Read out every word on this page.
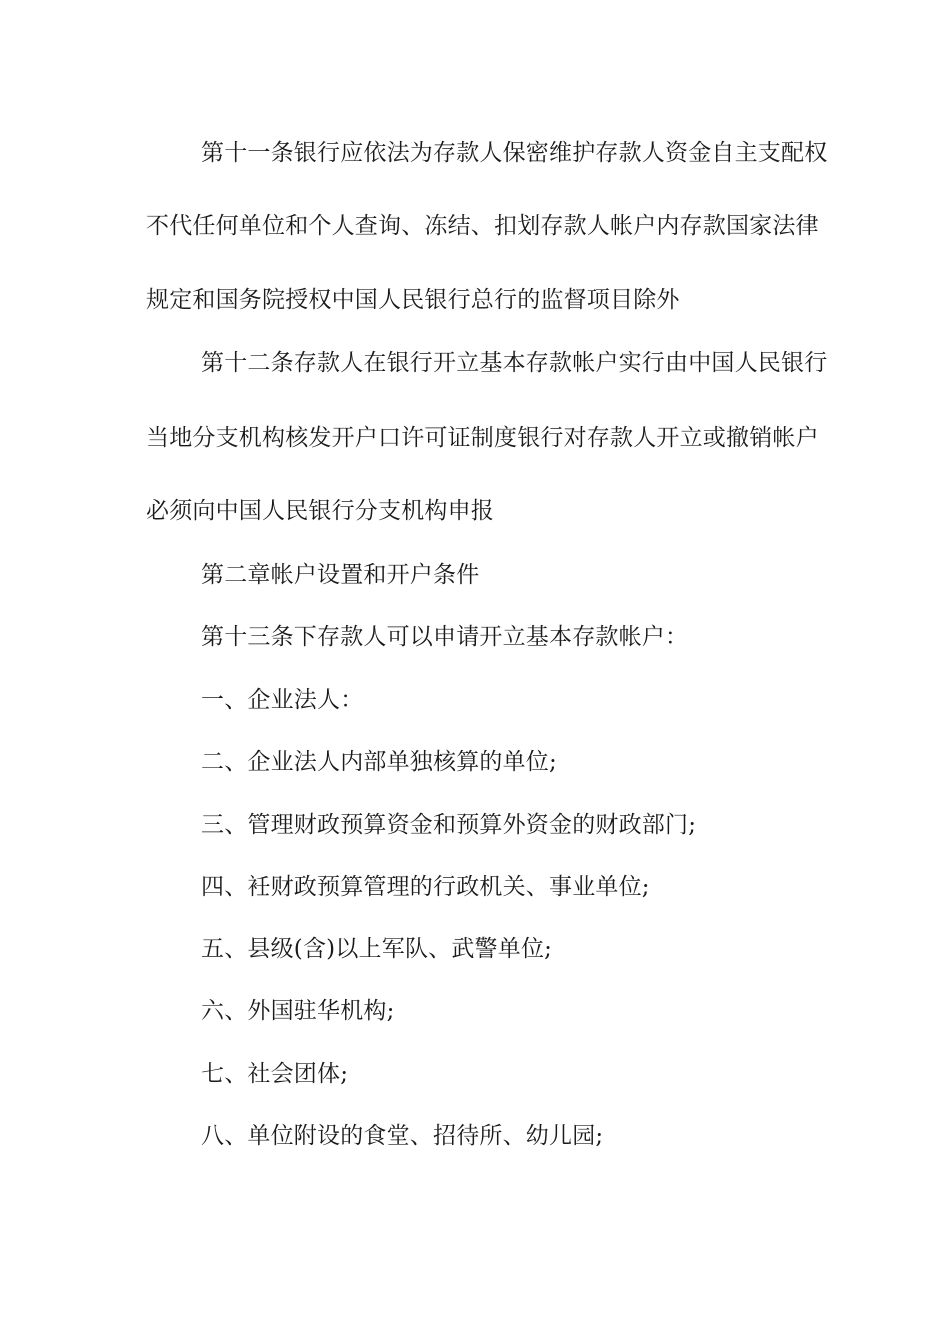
第十一条银行应依法为存款人保密维护存款人资金自主支配权
不代任何单位和个人查询、冻结、扣划存款人帐户内存款国家法律
规定和国务院授权中国人民银行总行的监督项目除外
第十二条存款人在银行开立基本存款帐户实行由中国人民银行
当地分支机构核发开户口许可证制度银行对存款人开立或撤销帐户
必须向中国人民银行分支机构申报
第二章帐户设置和开户条件
第十三条下存款人可以申请开立基本存款帐户：
一、企业法人：
二、企业法人内部单独核算的单位;
三、管理财政预算资金和预算外资金的财政部门;
四、衽财政预算管理的行政机关、事业单位;
五、县级(含)以上军队、武警单位;
六、外国驻华机构;
七、社会团体;
八、单位附设的食堂、招待所、幼儿园;
